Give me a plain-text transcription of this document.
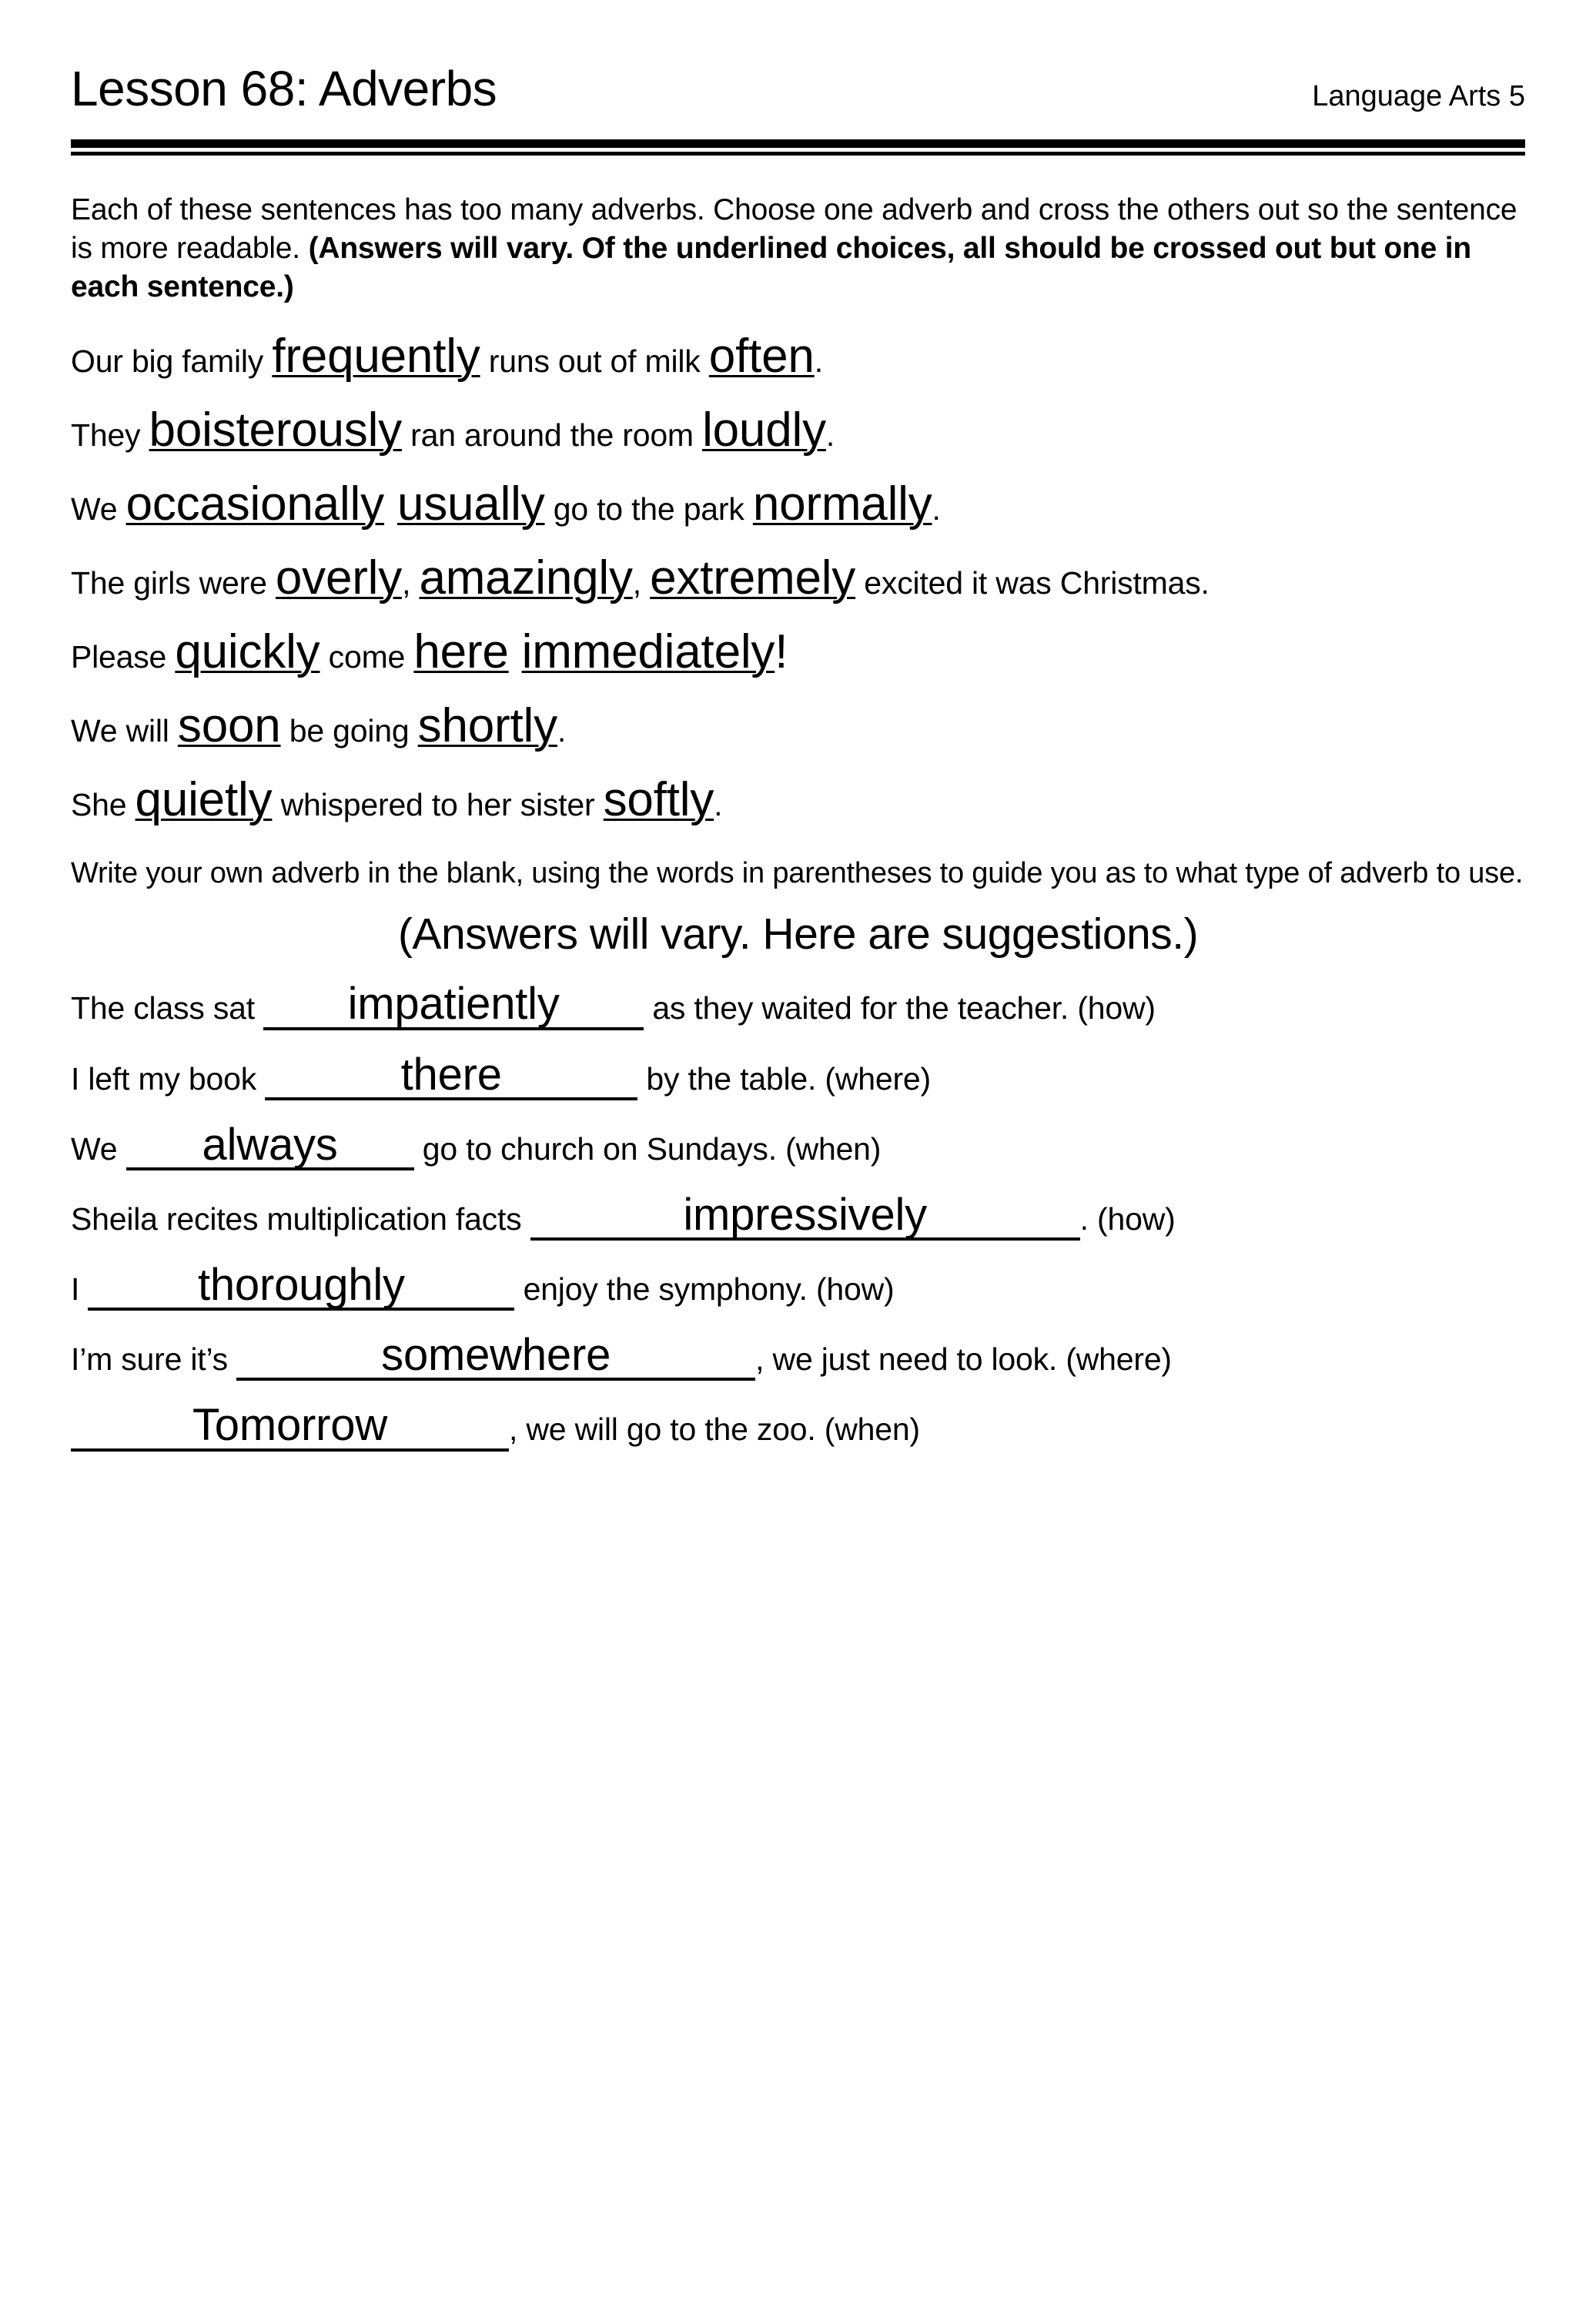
Lesson 68: Adverbs	Language Arts 5
Each of these sentences has too many adverbs. Choose one adverb and cross the others out so the sentence is more readable. (Answers will vary. Of the underlined choices, all should be crossed out but one in each sentence.)
Our big family frequently runs out of milk often.
They boisterously ran around the room loudly.
We occasionally usually go to the park normally.
The girls were overly, amazingly, extremely excited it was Christmas.
Please quickly come here immediately!
We will soon be going shortly.
She quietly whispered to her sister softly.
Write your own adverb in the blank, using the words in parentheses to guide you as to what type of adverb to use.
(Answers will vary. Here are suggestions.)
The class sat impatiently	as they waited for the teacher. (how)
I left my book	there	by the table. (where)
We always go to church on Sundays. (when)
Sheila recites multiplication facts	impressively	. (how)
I thoroughly	enjoy the symphony. (how)
I’m sure it’s	somewhere	, we just need to look. (where)
Tomorrow	, we will go to the zoo. (when)
